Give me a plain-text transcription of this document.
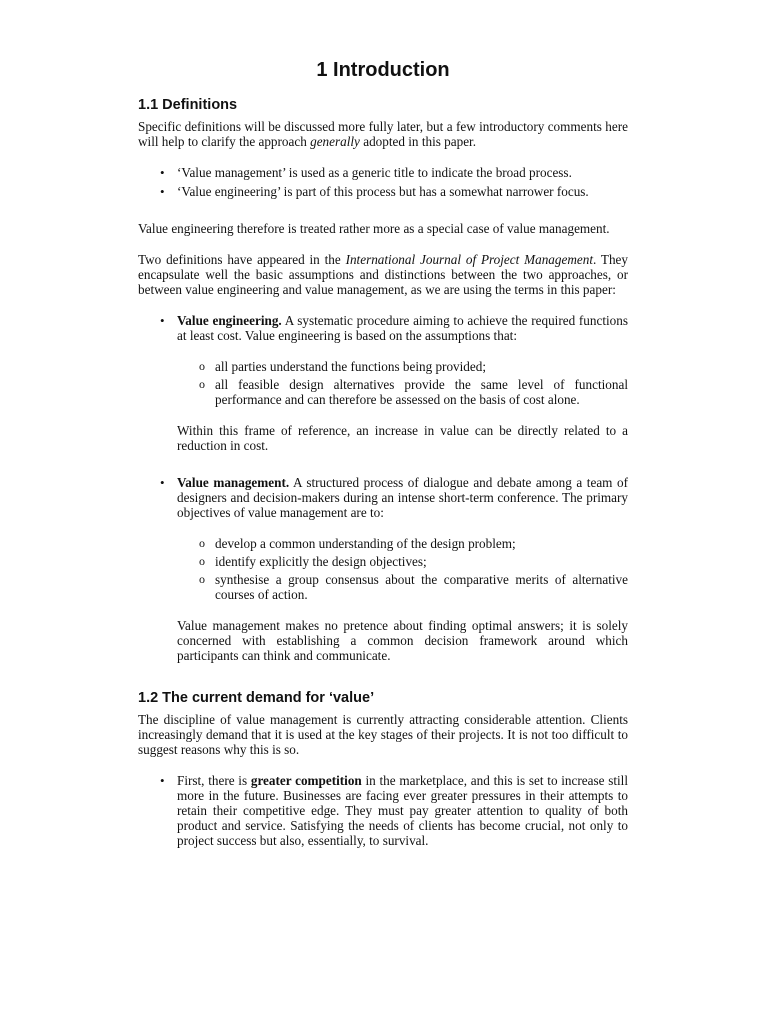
1 Introduction
1.1 Definitions

Specific definitions will be discussed more fully later, but a few introductory comments here will help to clarify the approach generally adopted in this paper.

• ‘Value management’ is used as a generic title to indicate the broad process.
• ‘Value engineering’ is part of this process but has a somewhat narrower focus.

Value engineering therefore is treated rather more as a special case of value management.

Two definitions have appeared in the International Journal of Project Management. They encapsulate well the basic assumptions and distinctions between the two approaches, or between value engineering and value management, as we are using the terms in this paper:

• Value engineering. A systematic procedure aiming to achieve the required functions at least cost. Value engineering is based on the assumptions that:
o all parties understand the functions being provided;
o all feasible design alternatives provide the same level of functional performance and can therefore be assessed on the basis of cost alone.

Within this frame of reference, an increase in value can be directly related to a reduction in cost.

• Value management. A structured process of dialogue and debate among a team of designers and decision-makers during an intense short-term conference. The primary objectives of value management are to:
o develop a common understanding of the design problem;
o identify explicitly the design objectives;
o synthesise a group consensus about the comparative merits of alternative courses of action.

Value management makes no pretence about finding optimal answers; it is solely concerned with establishing a common decision framework around which participants can think and communicate.

1.2 The current demand for ‘value’

The discipline of value management is currently attracting considerable attention. Clients increasingly demand that it is used at the key stages of their projects. It is not too difficult to suggest reasons why this is so.

• First, there is greater competition in the marketplace, and this is set to increase still more in the future. Businesses are facing ever greater pressures in their attempts to retain their competitive edge. They must pay greater attention to quality of both product and service. Satisfying the needs of clients has become crucial, not only to project success but also, essentially, to survival.
